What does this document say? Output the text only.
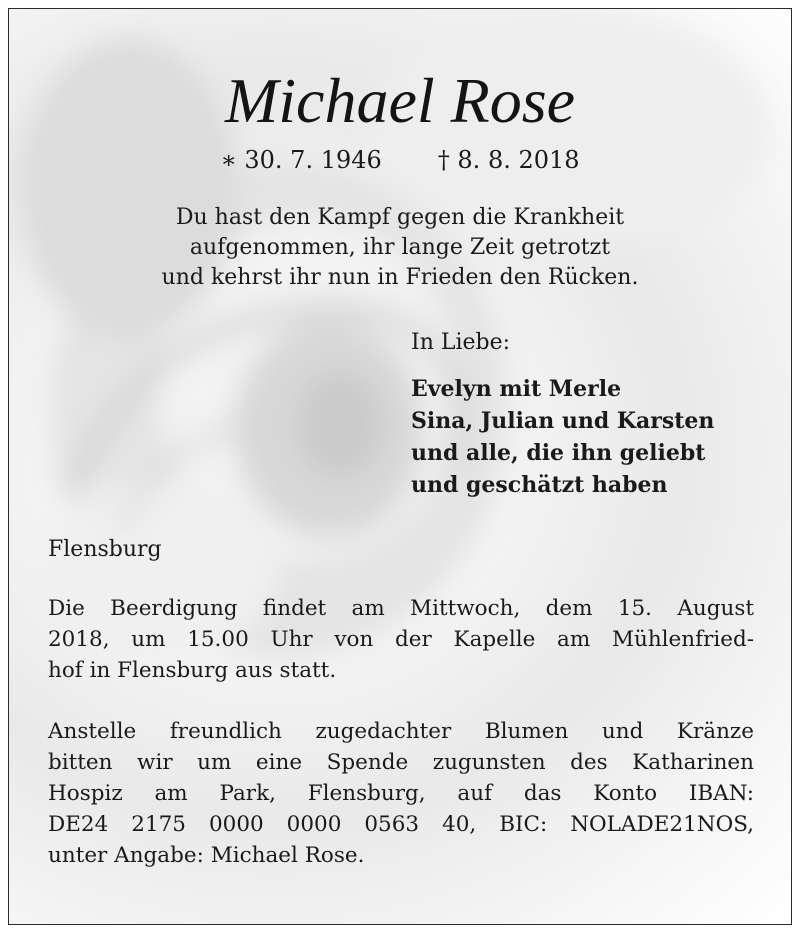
Michael Rose
∗ 30. 7. 1946 † 8. 8. 2018
Du hast den Kampf gegen die Krankheit
aufgenommen, ihr lange Zeit getrotzt
und kehrst ihr nun in Frieden den Rücken.
In Liebe:
Evelyn mit Merle
Sina, Julian und Karsten
und alle, die ihn geliebt
und geschätzt haben
Flensburg
Die Beerdigung findet am Mittwoch, dem 15. August
2018, um 15.00 Uhr von der Kapelle am Mühlenfried-
hof in Flensburg aus statt.
Anstelle freundlich zugedachter Blumen und Kränze
bitten wir um eine Spende zugunsten des Katharinen
Hospiz am Park, Flensburg, auf das Konto IBAN:
DE24 2175 0000 0000 0563 40, BIC: NOLADE21NOS,
unter Angabe: Michael Rose.
